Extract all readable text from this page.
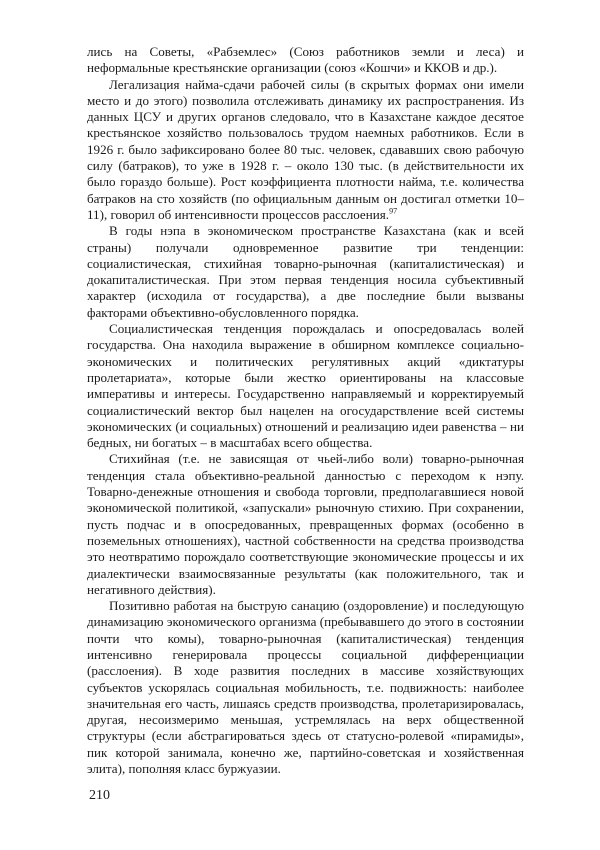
лись на Советы, «Рабземлес» (Союз работников земли и леса) и неформальные крестьянские организации (союз «Кошчи» и ККОВ и др.).

Легализация найма-сдачи рабочей силы (в скрытых формах они имели место и до этого) позволила отслеживать динамику их распространения. Из данных ЦСУ и других органов следовало, что в Казахстане каждое десятое крестьянское хозяйство пользовалось трудом наемных работников. Если в 1926 г. было зафиксировано более 80 тыс. человек, сдававших свою рабочую силу (батраков), то уже в 1928 г. – около 130 тыс. (в действительности их было гораздо больше). Рост коэффициента плотности найма, т.е. количества батраков на сто хозяйств (по официальным данным он достигал отметки 10–11), говорил об интенсивности процессов расслоения.$^{97}$

В годы нэпа в экономическом пространстве Казахстана (как и всей страны) получали одновременное развитие три тенденции: социалистическая, стихийная товарно-рыночная (капиталистическая) и докапиталистическая. При этом первая тенденция носила субъективный характер (исходила от государства), а две последние были вызваны факторами объективно-обусловленного порядка.

Социалистическая тенденция порождалась и опосредовалась волей государства. Она находила выражение в обширном комплексе социально-экономических и политических регулятивных акций «диктатуры пролетариата», которые были жестко ориентированы на классовые императивы и интересы. Государственно направляемый и корректируемый социалистический вектор был нацелен на огосударствление всей системы экономических (и социальных) отношений и реализацию идеи равенства – ни бедных, ни богатых – в масштабах всего общества.

Стихийная (т.е. не зависящая от чьей-либо воли) товарно-рыночная тенденция стала объективно-реальной данностью с переходом к нэпу. Товарно-денежные отношения и свобода торговли, предполагавшиеся новой экономической политикой, «запускали» рыночную стихию. При сохранении, пусть подчас и в опосредованных, превращенных формах (особенно в поземельных отношениях), частной собственности на средства производства это неотвратимо порождало соответствующие экономические процессы и их диалектически взаимосвязанные результаты (как положительного, так и негативного действия).

Позитивно работая на быструю санацию (оздоровление) и последующую динамизацию экономического организма (пребывавшего до этого в состоянии почти что комы), товарно-рыночная (капиталистическая) тенденция интенсивно генерировала процессы социальной дифференциации (расслоения). В ходе развития последних в массиве хозяйствующих субъектов ускорялась социальная мобильность, т.е. подвижность: наиболее значительная его часть, лишаясь средств производства, пролетаризировалась, другая, несоизмеримо меньшая, устремлялась на верх общественной структуры (если абстрагироваться здесь от статусно-ролевой «пирамиды», пик которой занимала, конечно же, партийно-советская и хозяйственная элита), пополняя класс буржуазии.

210
